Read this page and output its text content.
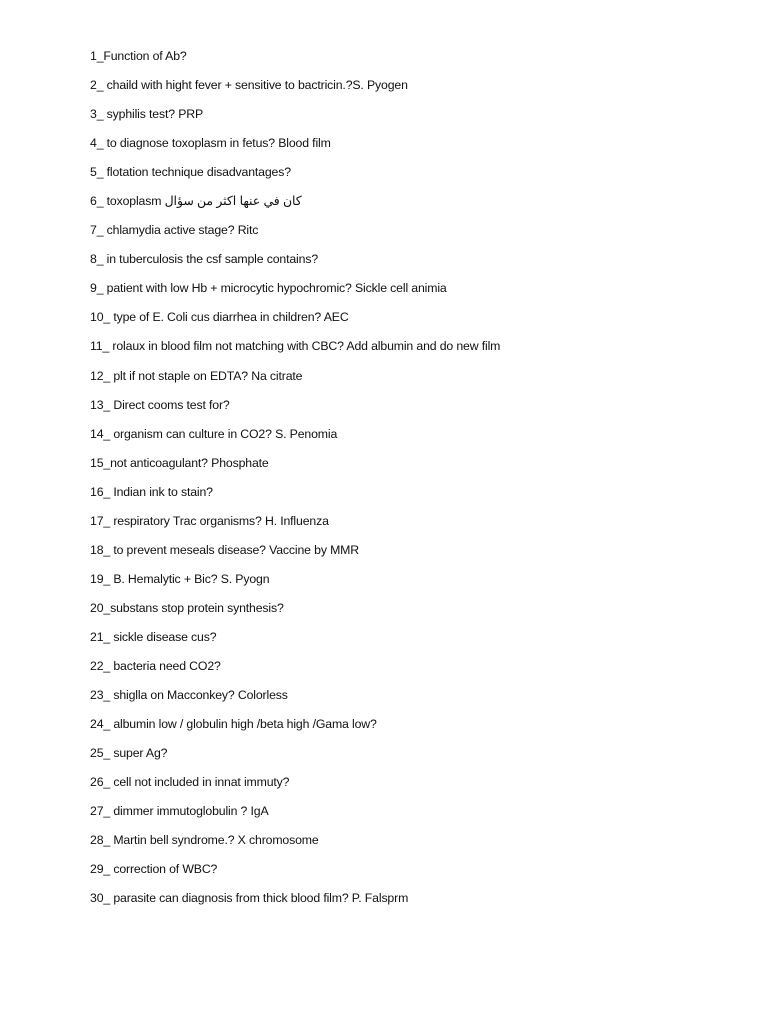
1_Function of Ab?
2_ chaild with hight fever + sensitive to bactricin.?S. Pyogen
3_ syphilis test? PRP
4_ to diagnose toxoplasm in fetus? Blood film
5_ flotation technique disadvantages?
6_ toxoplasm كان في عنها اكثر من سؤال
7_ chlamydia active stage? Ritc
8_ in tuberculosis the csf sample contains?
9_ patient with low Hb + microcytic hypochromic? Sickle cell animia
10_ type of E. Coli cus diarrhea in children? AEC
11_ rolaux in blood film not matching with CBC? Add albumin and do new film
12_ plt if not staple on EDTA? Na citrate
13_ Direct cooms test for?
14_ organism can culture in CO2? S. Penomia
15_not anticoagulant? Phosphate
16_ Indian ink to stain?
17_ respiratory Trac organisms? H. Influenza
18_ to prevent meseals disease? Vaccine by MMR
19_ B. Hemalytic + Bic? S. Pyogn
20_substans stop protein synthesis?
21_ sickle disease cus?
22_ bacteria need CO2?
23_ shiglla on Macconkey? Colorless
24_ albumin low / globulin high /beta high /Gama low?
25_ super Ag?
26_ cell not included in innat immuty?
27_ dimmer immutoglobulin ? IgA
28_ Martin bell syndrome.? X chromosome
29_ correction of WBC?
30_ parasite can diagnosis from thick blood film? P. Falsprm
